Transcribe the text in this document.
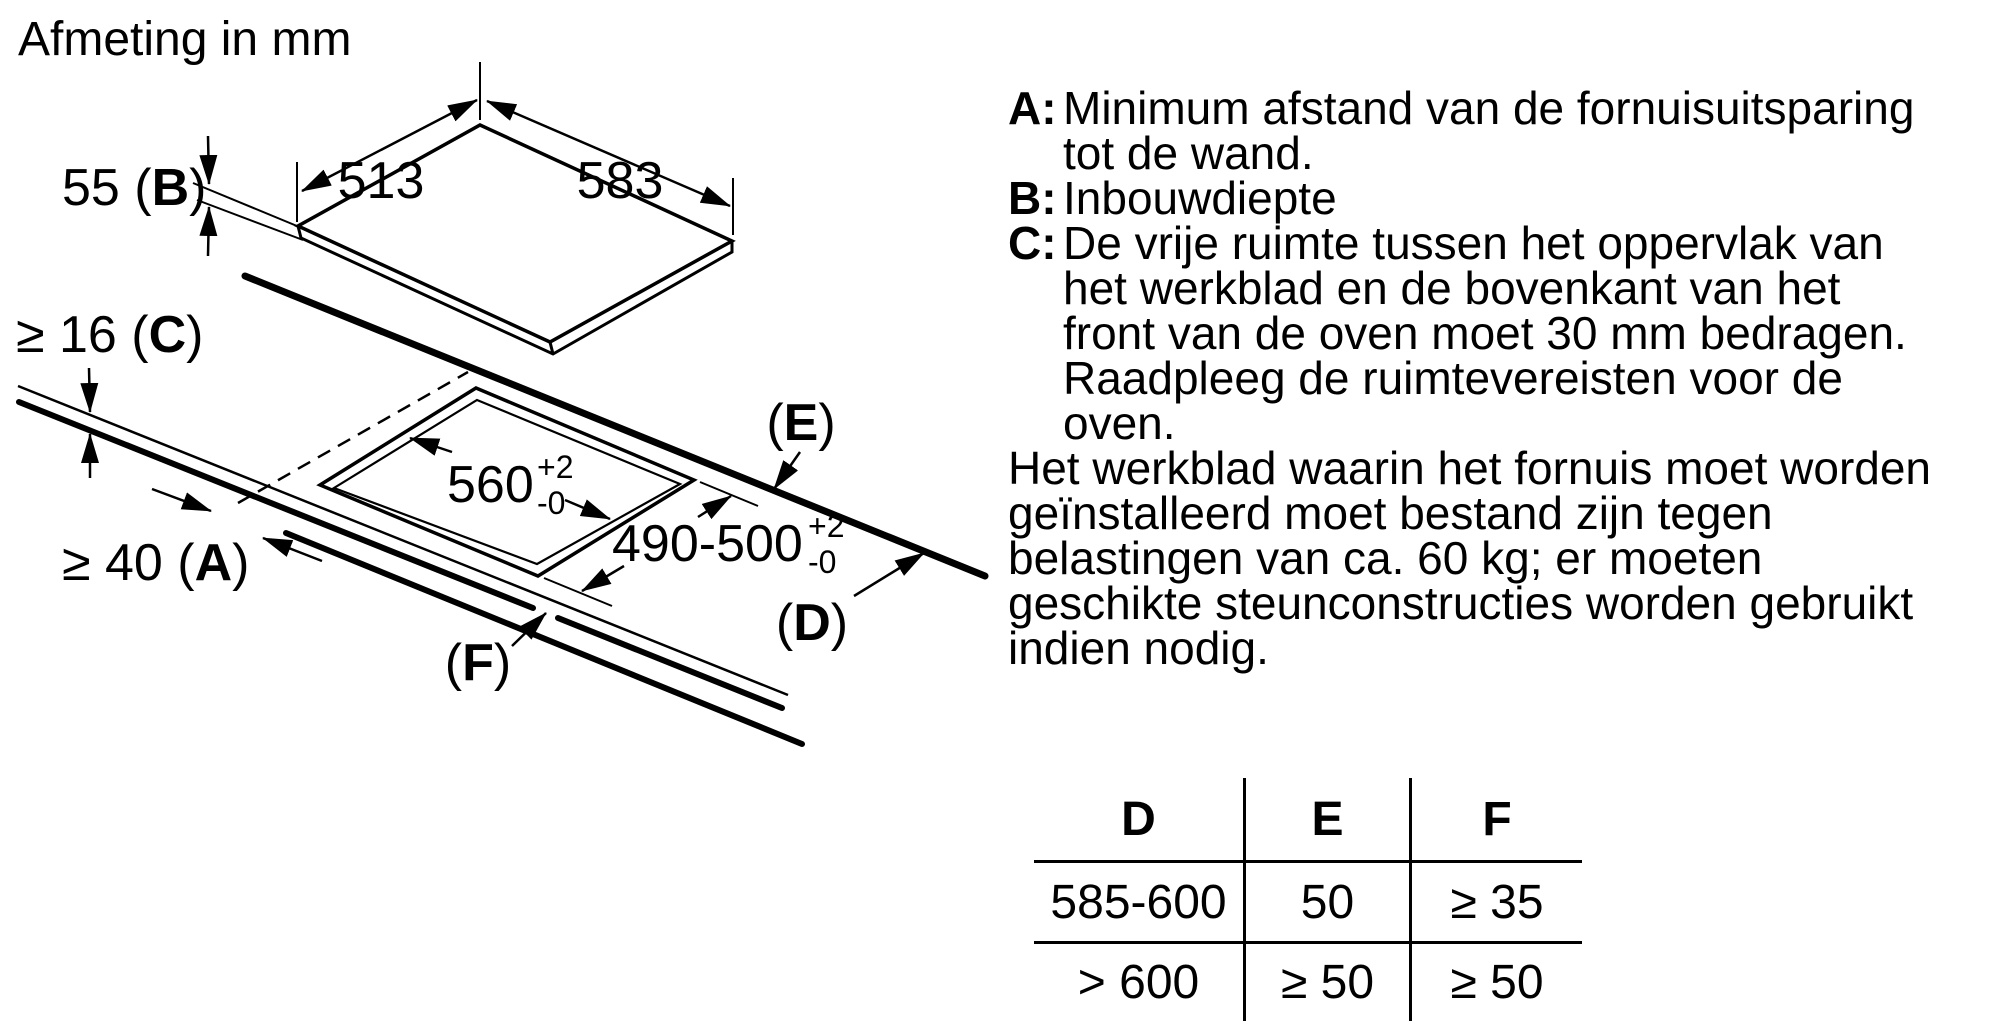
Afmeting in mm
513	583
55 (B)
≥ 16 (C)
≥ 40 (A)
560 +2
-0
490-500 +2
-0
(E)
(D)
(F)
A: Minimum afstand van de fornuisuitsparing
tot de wand.
B: Inbouwdiepte
C: De vrije ruimte tussen het oppervlak van
het werkblad en de bovenkant van het
front van de oven moet 30 mm bedragen.
Raadpleeg de ruimtevereisten voor de oven.
Het werkblad waarin het fornuis moet worden
geïnstalleerd moet bestand zijn tegen
belastingen van ca. 60 kg; er moeten
geschikte steunconstructies worden gebruikt
indien nodig.
D	E	F
585-600	50	≥ 35
> 600	≥ 50	≥ 50
